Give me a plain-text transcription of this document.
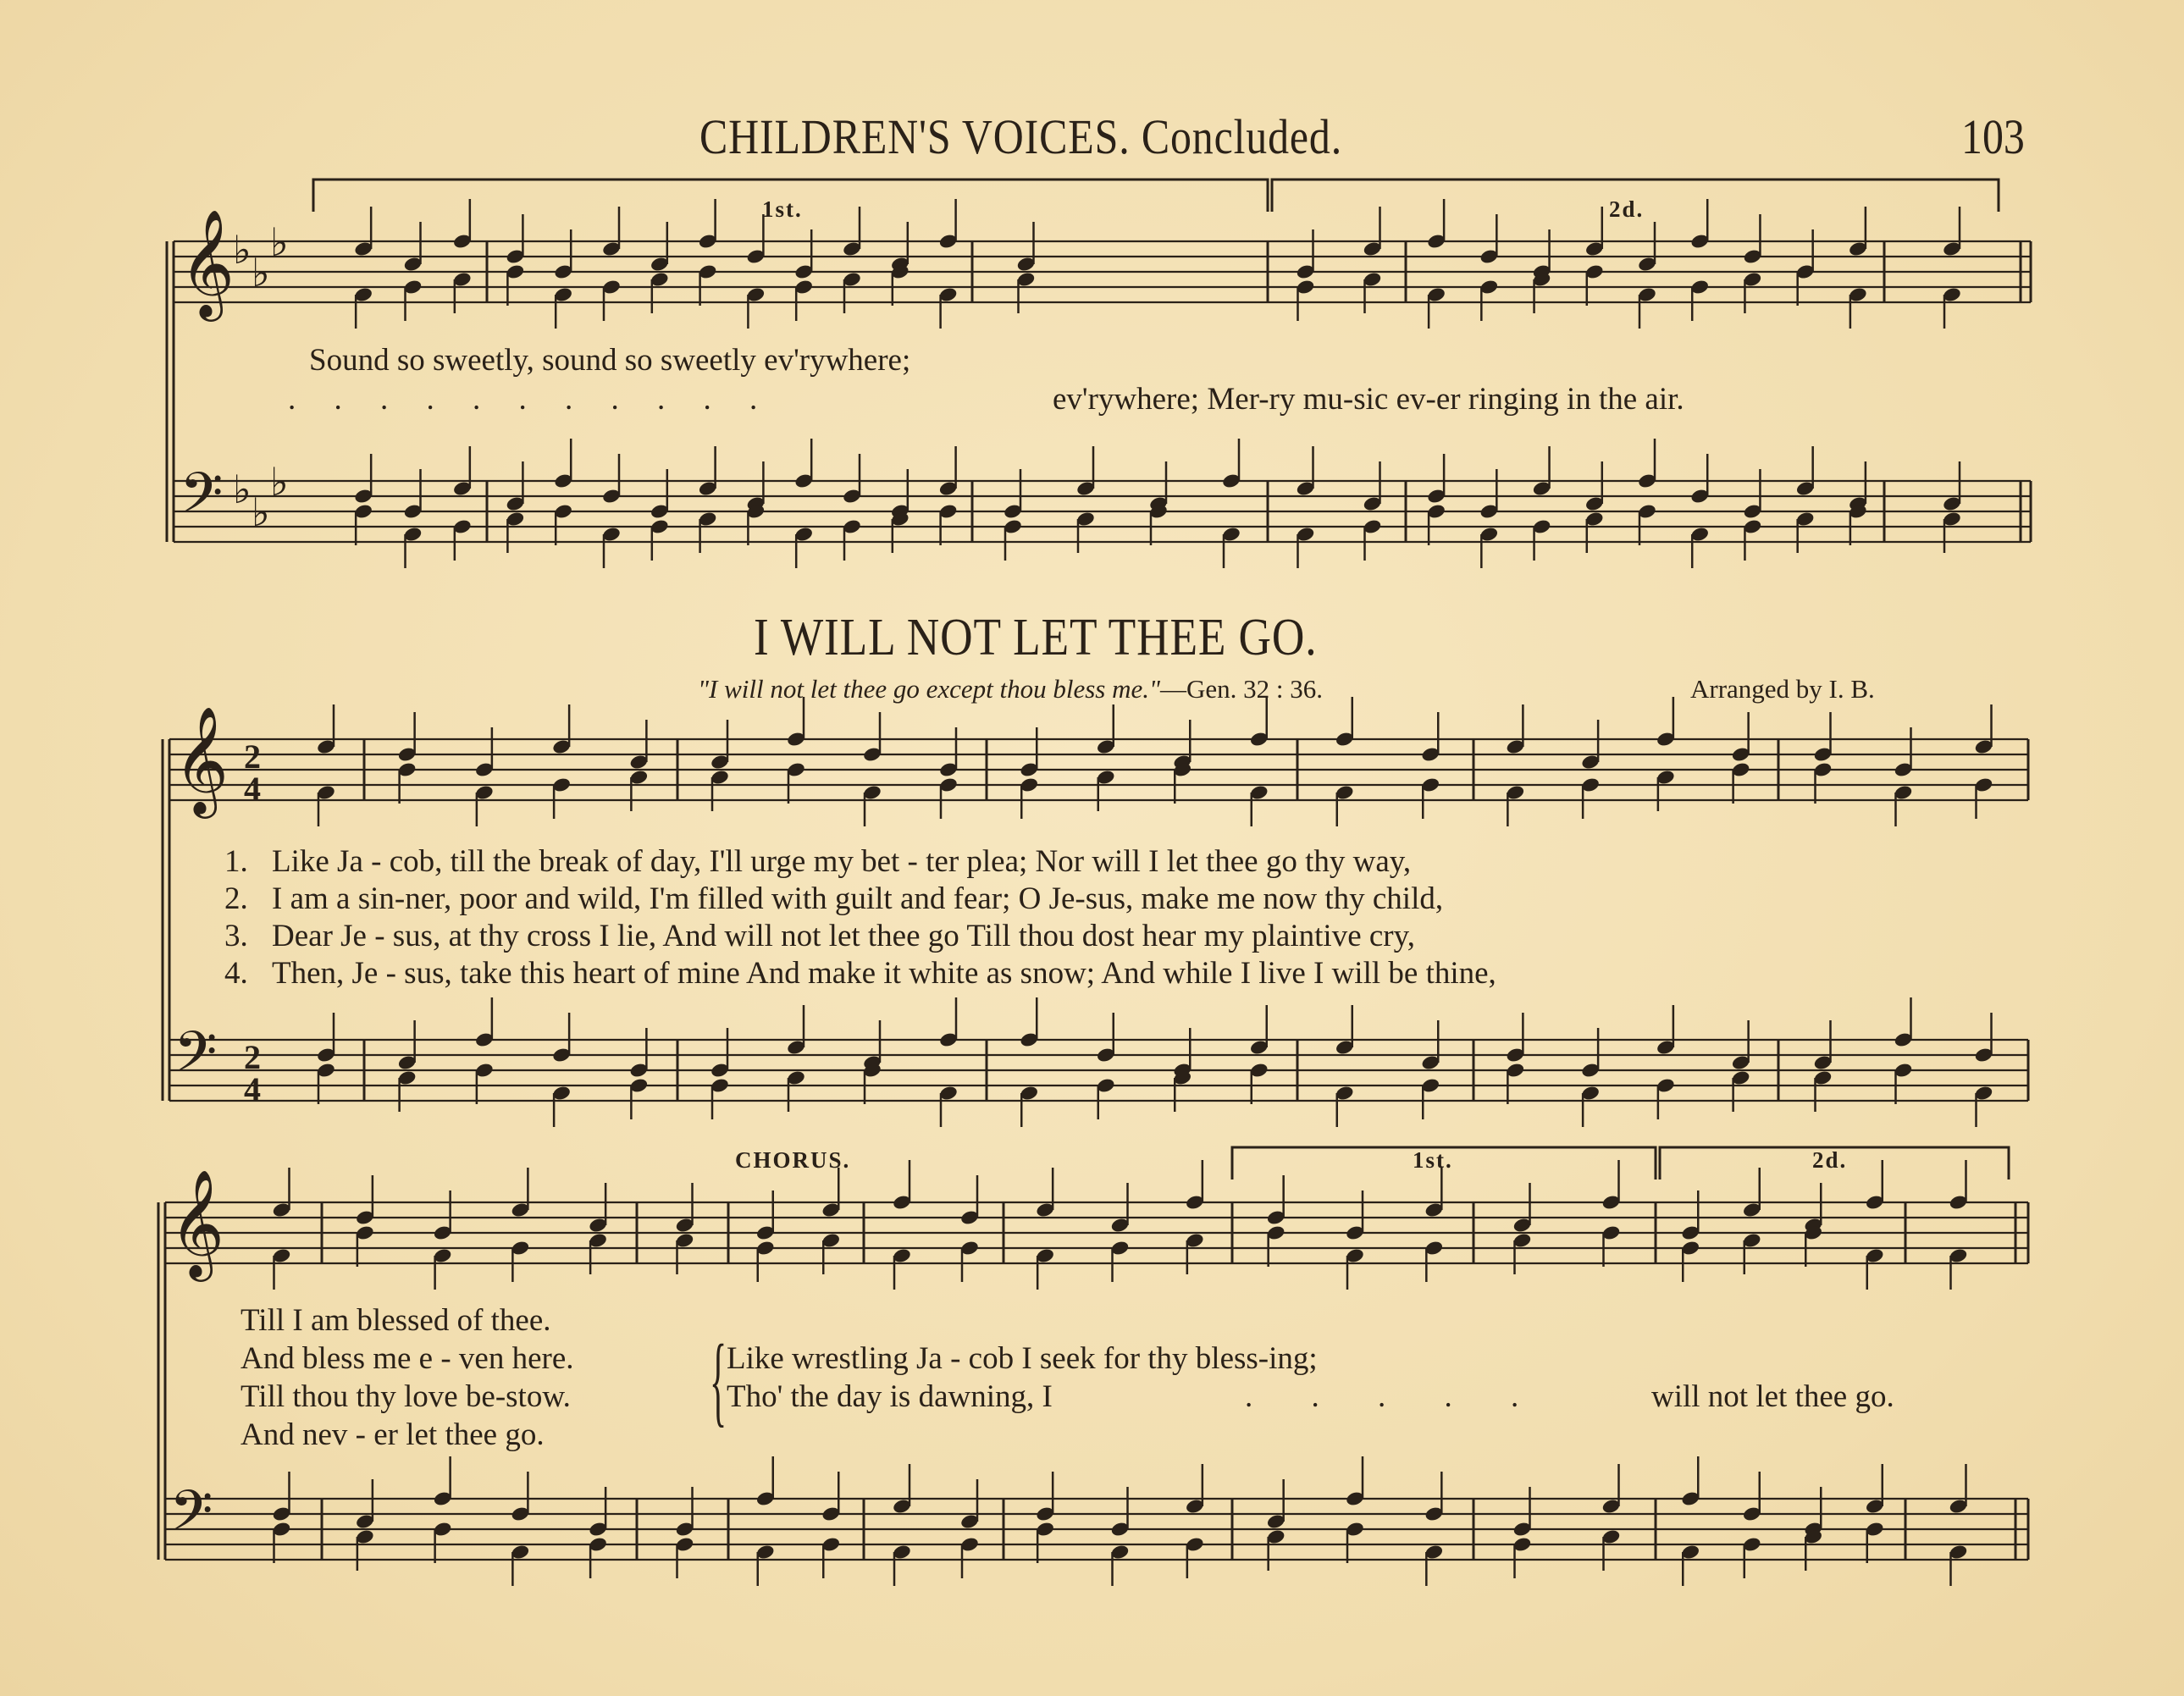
CHILDREN'S VOICES. Concluded.	103
𝄞
𝄢
♭ ♭
♭
♭ ♭
♭
𝄞
𝄢
2
4
2
4
𝄞
𝄢
1st.	2d.
Sound so sweetly, sound so sweetly ev'rywhere;
. . . . . . . . . . .	ev'rywhere; Mer-ry mu-sic ev-er ringing in the air.
I WILL NOT LET THEE GO.
"I will not let thee go except thou bless me."—Gen. 32 : 36.	Arranged by I. B.
1. Like Ja - cob, till the break of day, I'll urge my bet - ter plea; Nor will I let thee go thy way,
2. I am a sin-ner, poor and wild, I'm filled with guilt and fear; O Je-sus, make me now thy child,
3. Dear Je - sus, at thy cross I lie, And will not let thee go Till thou dost hear my plaintive cry,
4. Then, Je - sus, take this heart of mine And make it white as snow; And while I live I will be thine,
CHORUS.	1st.	2d.
Till I am blessed of thee.
And bless me e - ven here.
Till thou thy love be-stow.
And nev - er let thee go.
Like wrestling Ja - cob I seek for thy bless-ing;
Tho' the day is dawning, I	. . . . .	will not let thee go.
{
